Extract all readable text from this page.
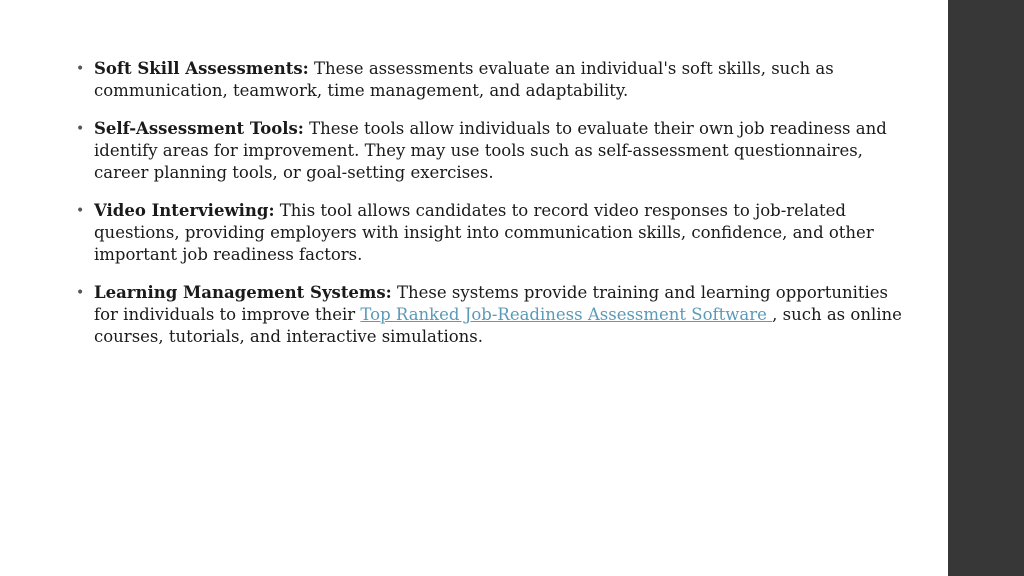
• Soft Skill Assessments: These assessments evaluate an individual's soft skills, such as communication, teamwork, time management, and adaptability.
• Self-Assessment Tools: These tools allow individuals to evaluate their own job readiness and identify areas for improvement. They may use tools such as self-assessment questionnaires, career planning tools, or goal-setting exercises.
• Video Interviewing: This tool allows candidates to record video responses to job-related questions, providing employers with insight into communication skills, confidence, and other important job readiness factors.
• Learning Management Systems: These systems provide training and learning opportunities for individuals to improve their Top Ranked Job-Readiness Assessment Software , such as online courses, tutorials, and interactive simulations.
